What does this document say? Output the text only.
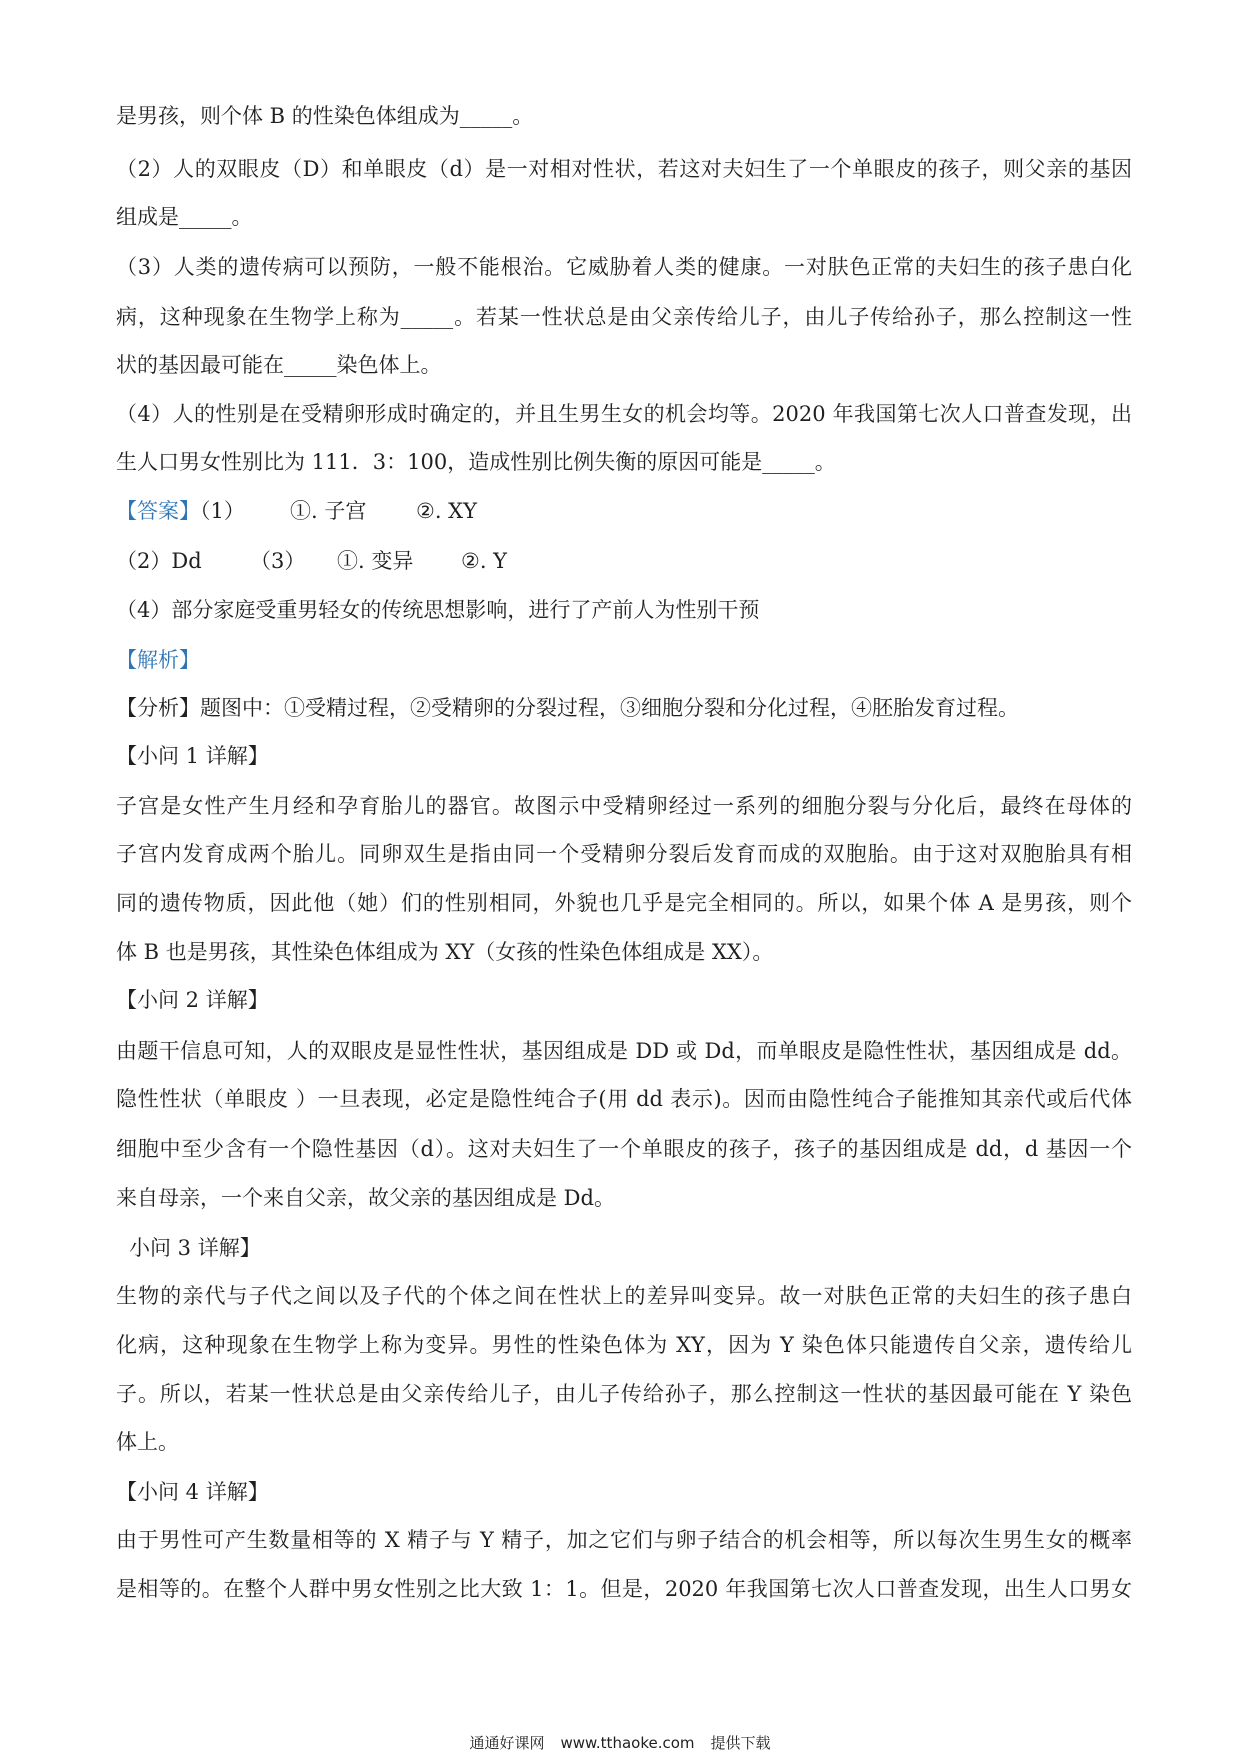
是男孩，则个体 B 的性染色体组成为_____。
（2）人的双眼皮（D）和单眼皮（d）是一对相对性状，若这对夫妇生了一个单眼皮的孩子，则父亲的基因
组成是_____。
（3）人类的遗传病可以预防，一般不能根治。它威胁着人类的健康。一对肤色正常的夫妇生的孩子患白化
病，这种现象在生物学上称为_____。若某一性状总是由父亲传给儿子，由儿子传给孙子，那么控制这一性
状的基因最可能在_____染色体上。
（4）人的性别是在受精卵形成时确定的，并且生男生女的机会均等。2020 年我国第七次人口普查发现，出
生人口男女性别比为 111．3：100，造成性别比例失衡的原因可能是_____。
【答案】（1） ①. 子宫 ②. XY
（2）Dd （3） ①. 变异 ②. Y
（4）部分家庭受重男轻女的传统思想影响，进行了产前人为性别干预
【解析】
【分析】题图中：①受精过程，②受精卵的分裂过程，③细胞分裂和分化过程，④胚胎发育过程。
【小问 1 详解】
子宫是女性产生月经和孕育胎儿的器官。故图示中受精卵经过一系列的细胞分裂与分化后，最终在母体的
子宫内发育成两个胎儿。同卵双生是指由同一个受精卵分裂后发育而成的双胞胎。由于这对双胞胎具有相
同的遗传物质，因此他（她）们的性别相同，外貌也几乎是完全相同的。所以，如果个体 A 是男孩，则个
体 B 也是男孩，其性染色体组成为 XY（女孩的性染色体组成是 XX）。
【小问 2 详解】
由题干信息可知，人的双眼皮是显性性状，基因组成是 DD 或 Dd，而单眼皮是隐性性状，基因组成是 dd。
隐性性状（单眼皮 ）一旦表现，必定是隐性纯合子(用 dd 表示)。因而由隐性纯合子能推知其亲代或后代体
细胞中至少含有一个隐性基因（d）。这对夫妇生了一个单眼皮的孩子，孩子的基因组成是 dd，d 基因一个
来自母亲，一个来自父亲，故父亲的基因组成是 Dd。
小问 3 详解】
生物的亲代与子代之间以及子代的个体之间在性状上的差异叫变异。故一对肤色正常的夫妇生的孩子患白
化病，这种现象在生物学上称为变异。男性的性染色体为 XY，因为 Y 染色体只能遗传自父亲，遗传给儿
子。所以，若某一性状总是由父亲传给儿子，由儿子传给孙子，那么控制这一性状的基因最可能在 Y 染色
体上。
【小问 4 详解】
由于男性可产生数量相等的 X 精子与 Y 精子，加之它们与卵子结合的机会相等，所以每次生男生女的概率
是相等的。在整个人群中男女性别之比大致 1：1。但是，2020 年我国第七次人口普查发现，出生人口男女
通通好课网 www.tthaoke.com 提供下载
